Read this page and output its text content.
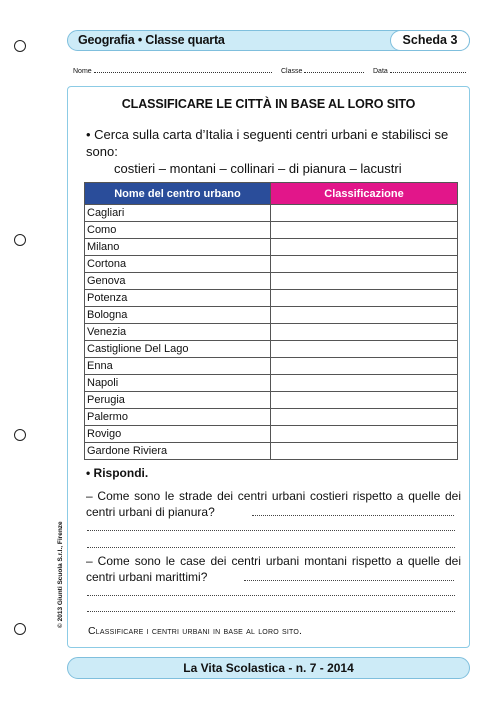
Geografia • Classe quarta	Scheda 3
Nome	Classe	Data
CLASSIFICARE LE CITTÀ IN BASE AL LORO SITO
• Cerca sulla carta d’Italia i seguenti centri urbani e stabilisci se sono:
costieri – montani – collinari – di pianura – lacustri
Nome del centro urbano	Classificazione
Cagliari	
Como	
Milano	
Cortona	
Genova	
Potenza	
Bologna	
Venezia	
Castiglione Del Lago	
Enna	
Napoli	
Perugia	
Palermo	
Rovigo	
Gardone Riviera	
• Rispondi.
– Come sono le strade dei centri urbani costieri rispetto a quelle dei centri urbani di pianura?
– Come sono le case dei centri urbani montani rispetto a quelle dei centri urbani marittimi?
Classificare i centri urbani in base al loro sito.
© 2013 Giunti Scuola S.r.l., Firenze
La Vita Scolastica - n. 7 - 2014
